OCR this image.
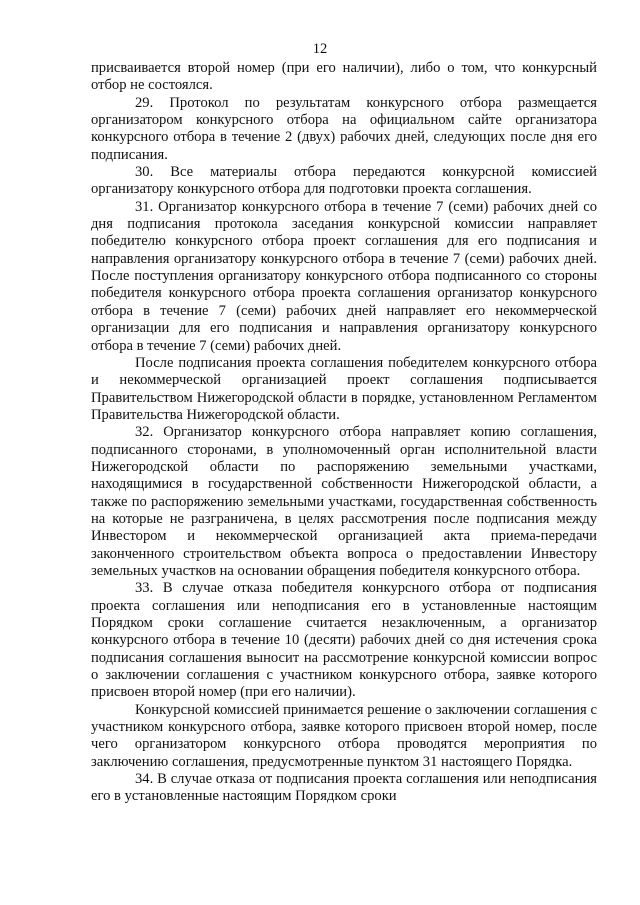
12

присваивается второй номер (при его наличии), либо о том, что конкурсный отбор не состоялся.

29. Протокол по результатам конкурсного отбора размещается организатором конкурсного отбора на официальном сайте организатора конкурсного отбора в течение 2 (двух) рабочих дней, следующих после дня его подписания.

30. Все материалы отбора передаются конкурсной комиссией организатору конкурсного отбора для подготовки проекта соглашения.

31. Организатор конкурсного отбора в течение 7 (семи) рабочих дней со дня подписания протокола заседания конкурсной комиссии направляет победителю конкурсного отбора проект соглашения для его подписания и направления организатору конкурсного отбора в течение 7 (семи) рабочих дней. После поступления организатору конкурсного отбора подписанного со стороны победителя конкурсного отбора проекта соглашения организатор конкурсного отбора в течение 7 (семи) рабочих дней направляет его некоммерческой организации для его подписания и направления организатору конкурсного отбора в течение 7 (семи) рабочих дней.

После подписания проекта соглашения победителем конкурсного отбора и некоммерческой организацией проект соглашения подписывается Правительством Нижегородской области в порядке, установленном Регламентом Правительства Нижегородской области.

32. Организатор конкурсного отбора направляет копию соглашения, подписанного сторонами, в уполномоченный орган исполнительной власти Нижегородской области по распоряжению земельными участками, находящимися в государственной собственности Нижегородской области, а также по распоряжению земельными участками, государственная собственность на которые не разграничена, в целях рассмотрения после подписания между Инвестором и некоммерческой организацией акта приема-передачи законченного строительством объекта вопроса о предоставлении Инвестору земельных участков на основании обращения победителя конкурсного отбора.

33. В случае отказа победителя конкурсного отбора от подписания проекта соглашения или неподписания его в установленные настоящим Порядком сроки соглашение считается незаключенным, а организатор конкурсного отбора в течение 10 (десяти) рабочих дней со дня истечения срока подписания соглашения выносит на рассмотрение конкурсной комиссии вопрос о заключении соглашения с участником конкурсного отбора, заявке которого присвоен второй номер (при его наличии).

Конкурсной комиссией принимается решение о заключении соглашения с участником конкурсного отбора, заявке которого присвоен второй номер, после чего организатором конкурсного отбора проводятся мероприятия по заключению соглашения, предусмотренные пунктом 31 настоящего Порядка.

34. В случае отказа от подписания проекта соглашения или неподписания его в установленные настоящим Порядком сроки
